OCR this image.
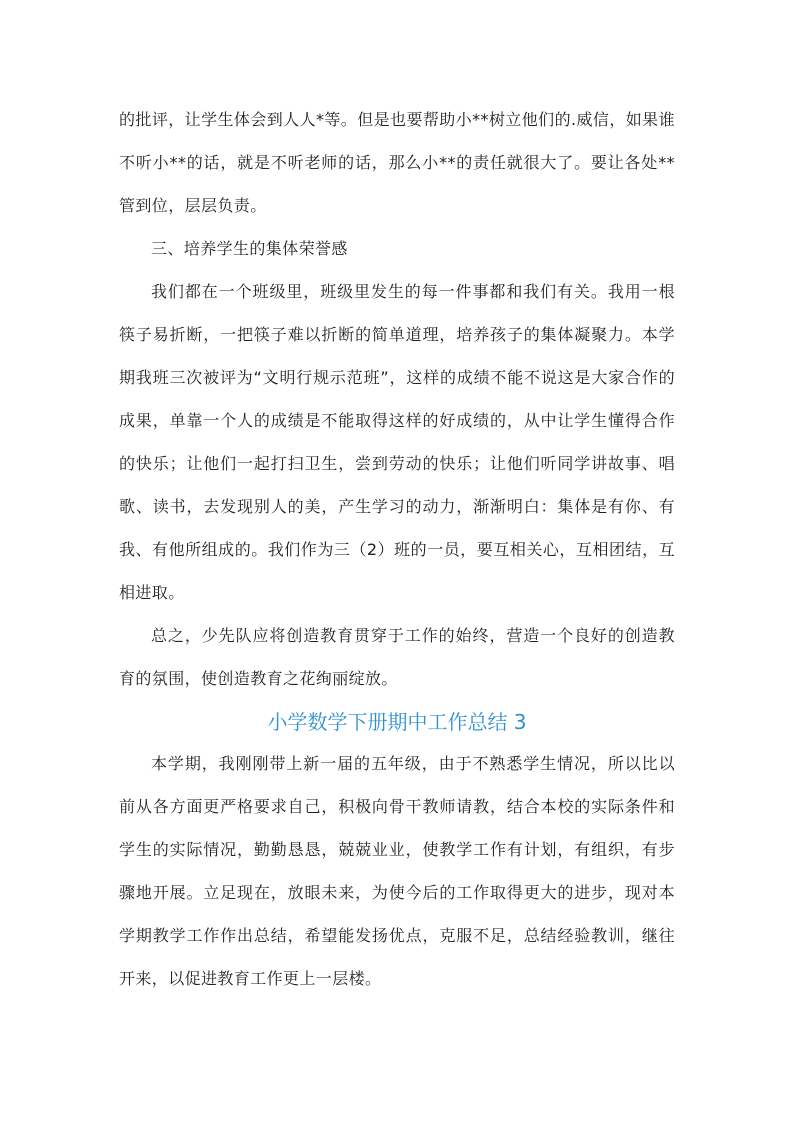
的批评，让学生体会到人人*等。但是也要帮助小**树立他们的.威信，如果谁不听小**的话，就是不听老师的话，那么小**的责任就很大了。要让各处**管到位，层层负责。

三、培养学生的集体荣誉感

我们都在一个班级里，班级里发生的每一件事都和我们有关。我用一根筷子易折断，一把筷子难以折断的简单道理，培养孩子的集体凝聚力。本学期我班三次被评为“文明行规示范班”，这样的成绩不能不说这是大家合作的成果，单靠一个人的成绩是不能取得这样的好成绩的，从中让学生懂得合作的快乐；让他们一起打扫卫生，尝到劳动的快乐；让他们听同学讲故事、唱歌、读书，去发现别人的美，产生学习的动力，渐渐明白：集体是有你、有我、有他所组成的。我们作为三（2）班的一员，要互相关心，互相团结，互相进取。

总之，少先队应将创造教育贯穿于工作的始终，营造一个良好的创造教育的氛围，使创造教育之花绚丽绽放。

小学数学下册期中工作总结 3

本学期，我刚刚带上新一届的五年级，由于不熟悉学生情况，所以比以前从各方面更严格要求自己，积极向骨干教师请教，结合本校的实际条件和学生的实际情况，勤勤恳恳，兢兢业业，使教学工作有计划，有组织，有步骤地开展。立足现在，放眼未来，为使今后的工作取得更大的进步，现对本学期教学工作作出总结，希望能发扬优点，克服不足，总结经验教训，继往开来，以促进教育工作更上一层楼。
